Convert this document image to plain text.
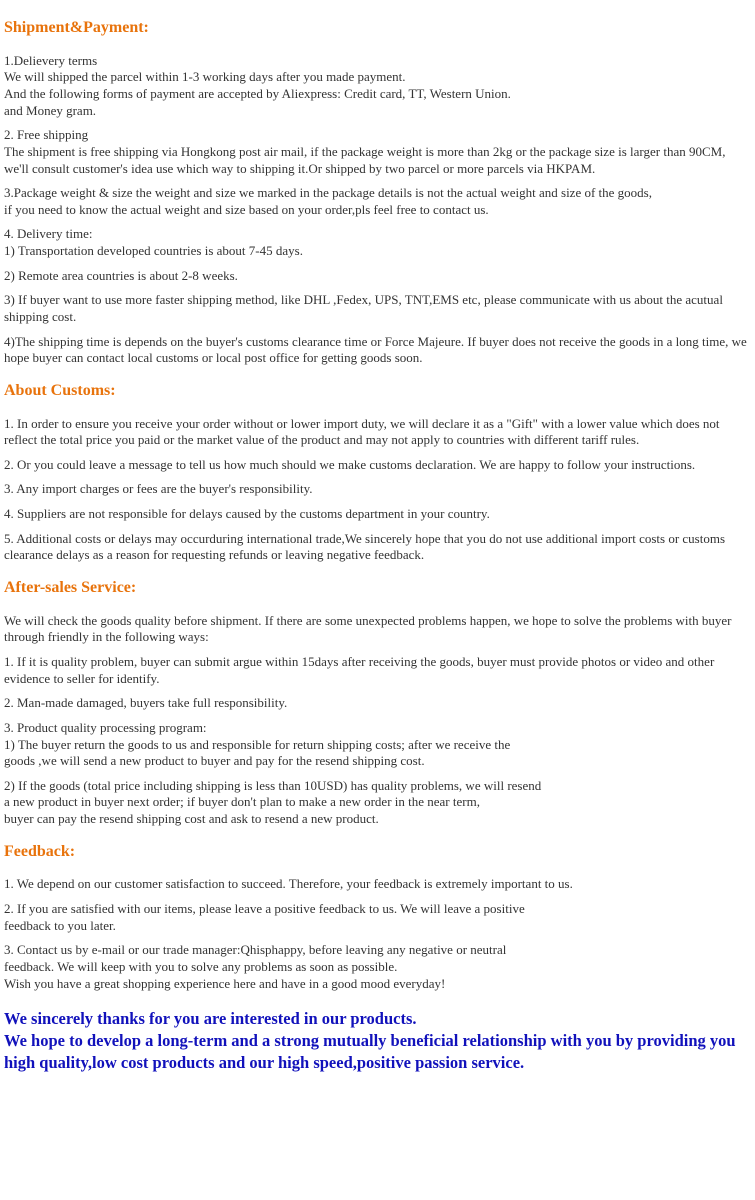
Shipment&Payment:

1.Delievery terms
We will shipped the parcel within 1-3 working days after you made payment.
And the following forms of payment are accepted by Aliexpress: Credit card, TT, Western Union.
and Money gram.

2. Free shipping
The shipment is free shipping via Hongkong post air mail, if the package weight is more than 2kg or the package size is larger than 90CM, we'll consult customer's idea use which way to shipping it.Or shipped by two parcel or more parcels via HKPAM.

3.Package weight & size the weight and size we marked in the package details is not the actual weight and size of the goods,
if you need to know the actual weight and size based on your order,pls feel free to contact us.

4. Delivery time:
1) Transportation developed countries is about 7-45 days.

2) Remote area countries is about 2-8 weeks.

3) If buyer want to use more faster shipping method, like DHL ,Fedex, UPS, TNT,EMS etc, please communicate with us about the acutual shipping cost.

4)The shipping time is depends on the buyer's customs clearance time or Force Majeure. If buyer does not receive the goods in a long time, we hope buyer can contact local customs or local post office for getting goods soon.

About Customs:

1. In order to ensure you receive your order without or lower import duty, we will declare it as a "Gift" with a lower value which does not reflect the total price you paid or the market value of the product and may not apply to countries with different tariff rules.

2. Or you could leave a message to tell us how much should we make customs declaration. We are happy to follow your instructions.

3. Any import charges or fees are the buyer's responsibility.

4. Suppliers are not responsible for delays caused by the customs department in your country.

5. Additional costs or delays may occurduring international trade,We sincerely hope that you do not use additional import costs or customs clearance delays as a reason for requesting refunds or leaving negative feedback.

After-sales Service:

We will check the goods quality before shipment. If there are some unexpected problems happen, we hope to solve the problems with buyer through friendly in the following ways:

1. If it is quality problem, buyer can submit argue within 15days after receiving the goods, buyer must provide photos or video and other evidence to seller for identify.

2. Man-made damaged, buyers take full responsibility.

3. Product quality processing program:
1) The buyer return the goods to us and responsible for return shipping costs; after we receive the
goods ,we will send a new product to buyer and pay for the resend shipping cost.

2) If the goods (total price including shipping is less than 10USD) has quality problems, we will resend
a new product in buyer next order; if buyer don't plan to make a new order in the near term,
buyer can pay the resend shipping cost and ask to resend a new product.

Feedback:

1. We depend on our customer satisfaction to succeed. Therefore, your feedback is extremely important to us.

2. If you are satisfied with our items, please leave a positive feedback to us. We will leave a positive
feedback to you later.

3. Contact us by e-mail or our trade manager:Qhisphappy, before leaving any negative or neutral
feedback. We will keep with you to solve any problems as soon as possible.
Wish you have a great shopping experience here and have in a good mood everyday!

We sincerely thanks for you are interested in our products.

We hope to develop a long-term and a strong mutually beneficial relationship with you by providing you high quality,low cost products and our high speed,positive passion service.
